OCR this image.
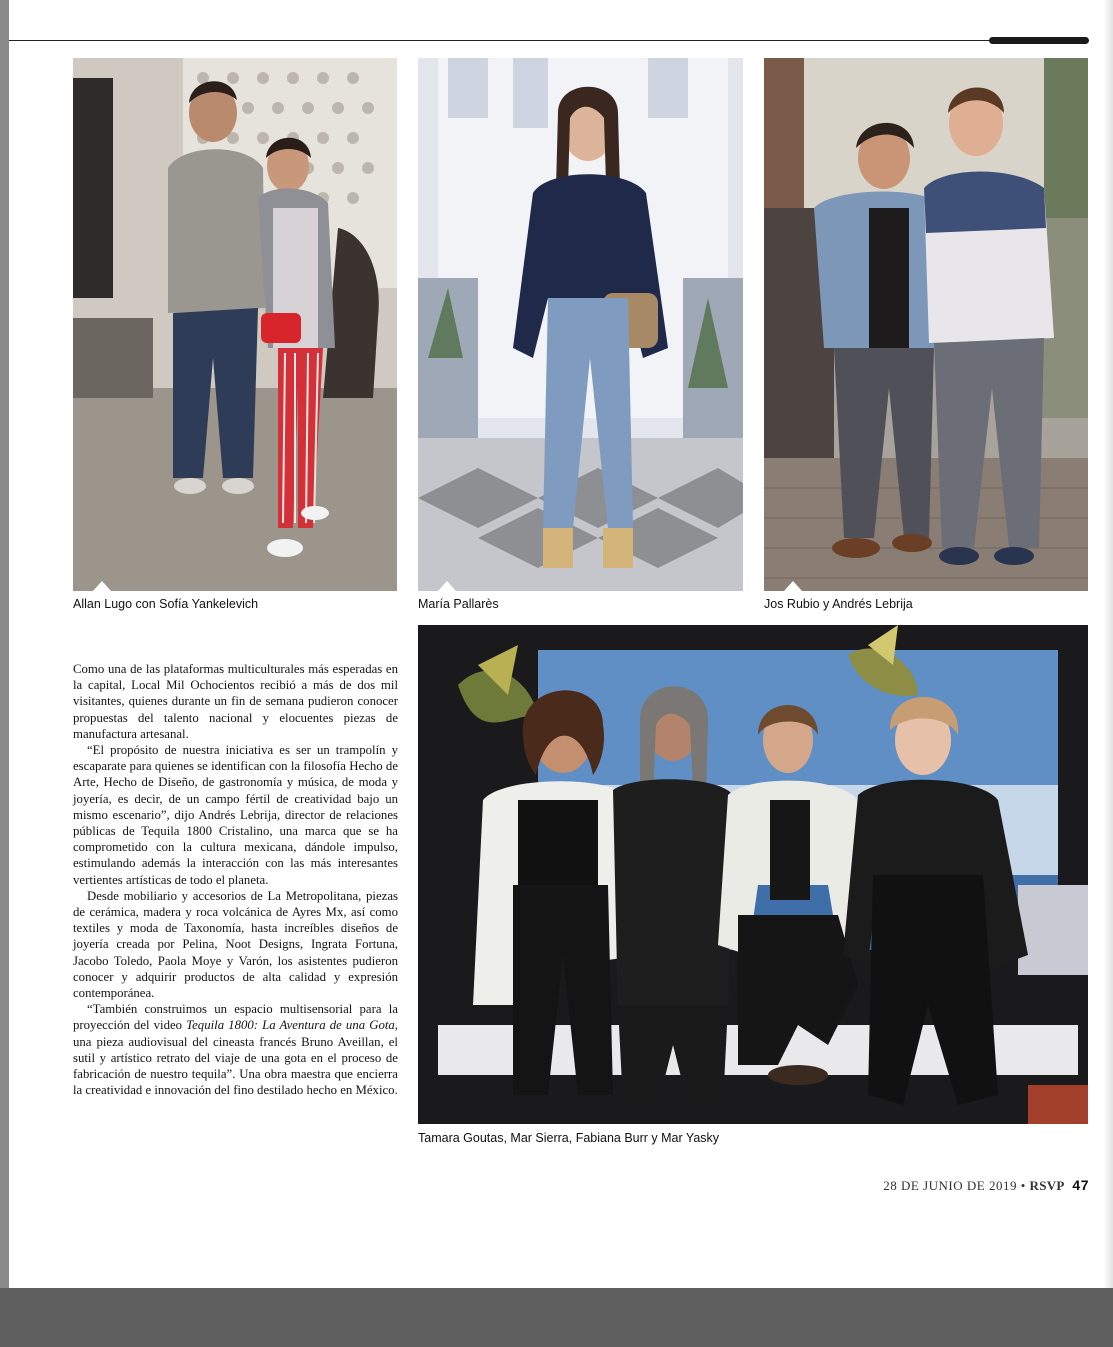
Allan Lugo con Sofía Yankelevich	María Pallarès	Jos Rubio y Andrés Lebrija
Tamara Goutas, Mar Sierra, Fabiana Burr y Mar Yasky

Como una de las plataformas multiculturales más esperadas en la capital, Local Mil Ochocientos recibió a más de dos mil visitantes, quienes durante un fin de semana pudieron conocer propuestas del talento nacional y elocuentes piezas de manufactura artesanal.

“El propósito de nuestra iniciativa es ser un trampolín y escaparate para quienes se identifican con la filosofía Hecho de Arte, Hecho de Diseño, de gastronomía y música, de moda y joyería, es decir, de un campo fértil de creatividad bajo un mismo escenario”, dijo Andrés Lebrija, director de relaciones públicas de Tequila 1800 Cristalino, una marca que se ha comprometido con la cultura mexicana, dándole impulso, estimulando además la interacción con las más interesantes vertientes artísticas de todo el planeta.

Desde mobiliario y accesorios de La Metropolitana, piezas de cerámica, madera y roca volcánica de Ayres Mx, así como textiles y moda de Taxonomía, hasta increíbles diseños de joyería creada por Pelina, Noot Designs, Ingrata Fortuna, Jacobo Toledo, Paola Moye y Varón, los asistentes pudieron conocer y adquirir productos de alta calidad y expresión contemporánea.

“También construimos un espacio multisensorial para la proyección del video Tequila 1800: La Aventura de una Gota, una pieza audiovisual del cineasta francés Bruno Aveillan, el sutil y artístico retrato del viaje de una gota en el proceso de fabricación de nuestro tequila”. Una obra maestra que encierra la creatividad e innovación del fino destilado hecho en México.

28 DE JUNIO DE 2019 • RSVP 47
